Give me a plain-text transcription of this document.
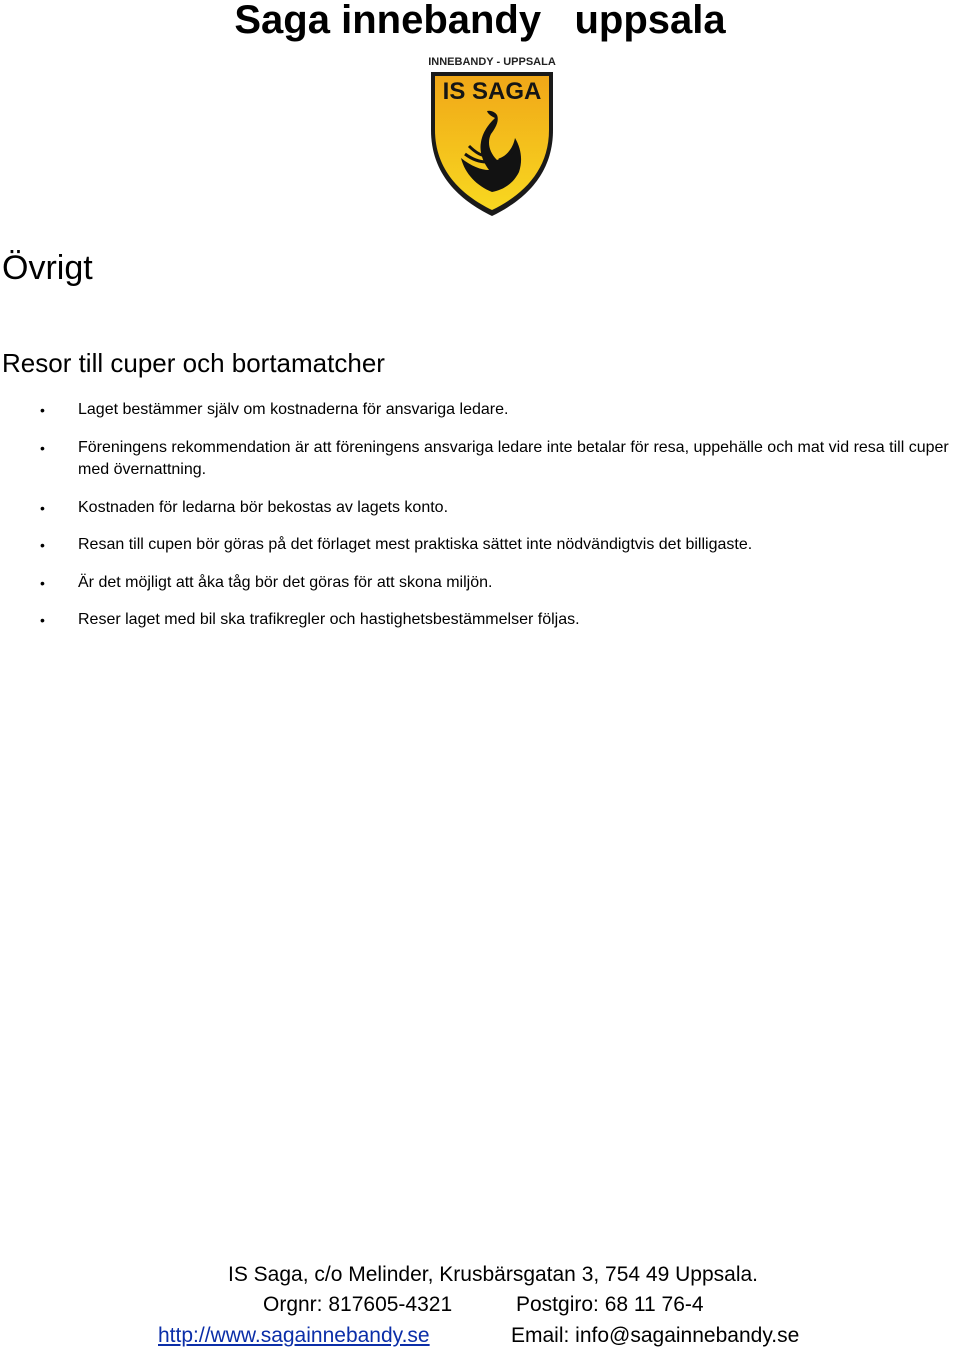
Saga innebandy   uppsala
INNEBANDY - UPPSALA
IS SAGA
Övrigt
Resor till cuper och bortamatcher
• Laget bestämmer själv om kostnaderna för ansvariga ledare.
• Föreningens rekommendation är att föreningens ansvariga ledare inte betalar för resa, uppehälle och mat vid resa till cuper med övernattning.
• Kostnaden för ledarna bör bekostas av lagets konto.
• Resan till cupen bör göras på det förlaget mest praktiska sättet inte nödvändigtvis det billigaste.
• Är det möjligt att åka tåg bör det göras för att skona miljön.
• Reser laget med bil ska trafikregler och hastighetsbestämmelser följas.
IS Saga, c/o Melinder, Krusbärsgatan 3, 754 49 Uppsala.
Orgnr: 817605-4321	Postgiro: 68 11 76-4
http://www.sagainnebandy.se	Email: info@sagainnebandy.se
